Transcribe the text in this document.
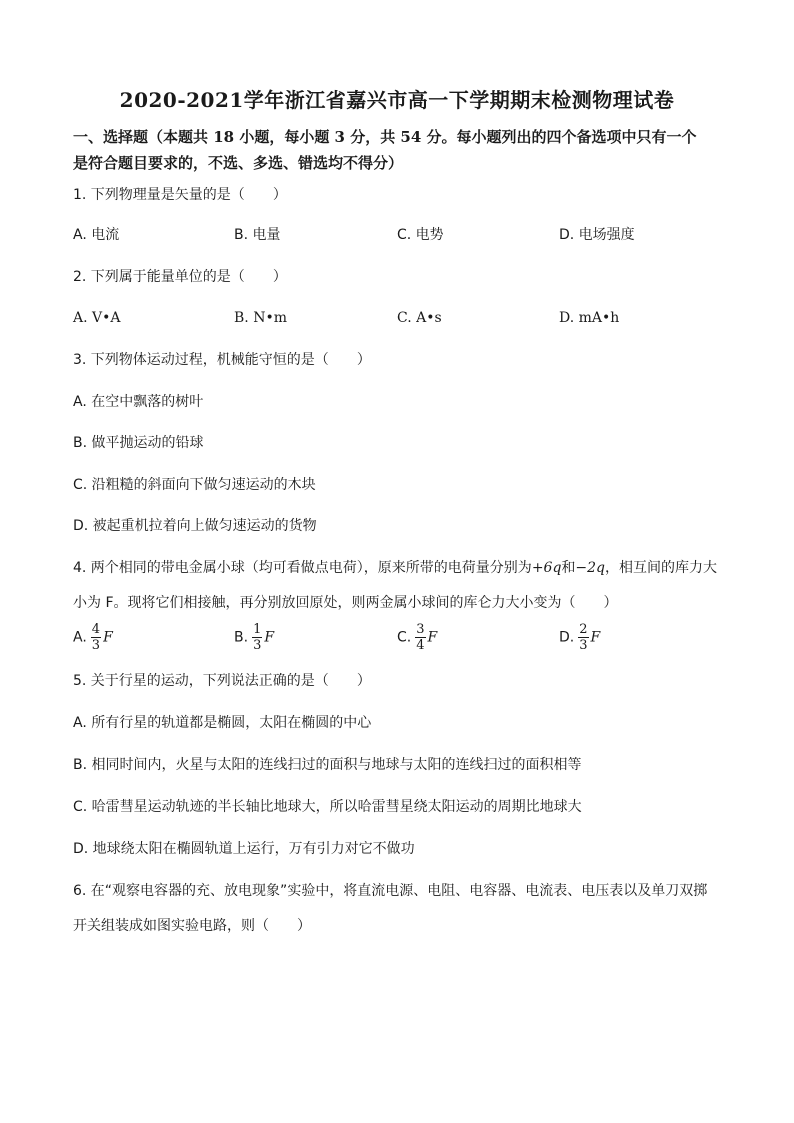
2020-2021学年浙江省嘉兴市高一下学期期末检测物理试卷
一、选择题（本题共 18 小题，每小题 3 分，共 54 分。每小题列出的四个备选项中只有一个
是符合题目要求的，不选、多选、错选均不得分）
1. 下列物理量是矢量的是（ ）
A. 电流	B. 电量	C. 电势	D. 电场强度
2. 下列属于能量单位的是（ ）
A. V•A	B. N•m	C. A•s	D. mA•h
3. 下列物体运动过程，机械能守恒的是（ ）
A. 在空中飘落的树叶
B. 做平抛运动的铅球
C. 沿粗糙的斜面向下做匀速运动的木块
D. 被起重机拉着向上做匀速运动的货物
4. 两个相同的带电金属小球（均可看做点电荷），原来所带的电荷量分别为+6q和−2q，相互间的库力大
小为 F。现将它们相接触，再分别放回原处，则两金属小球间的库仑力大小变为（ ）
A. $\frac{4}{3}$ F	B. $\frac{1}{3}$ F	C. $\frac{3}{4}$ F	D. $\frac{2}{3}$ F
5. 关于行星的运动，下列说法正确的是（ ）
A. 所有行星的轨道都是椭圆，太阳在椭圆的中心
B. 相同时间内，火星与太阳的连线扫过的面积与地球与太阳的连线扫过的面积相等
C. 哈雷彗星运动轨迹的半长轴比地球大，所以哈雷彗星绕太阳运动的周期比地球大
D. 地球绕太阳在椭圆轨道上运行，万有引力对它不做功
6. 在“观察电容器的充、放电现象”实验中，将直流电源、电阻、电容器、电流表、电压表以及单刀双掷
开关组装成如图实验电路，则（ ）
